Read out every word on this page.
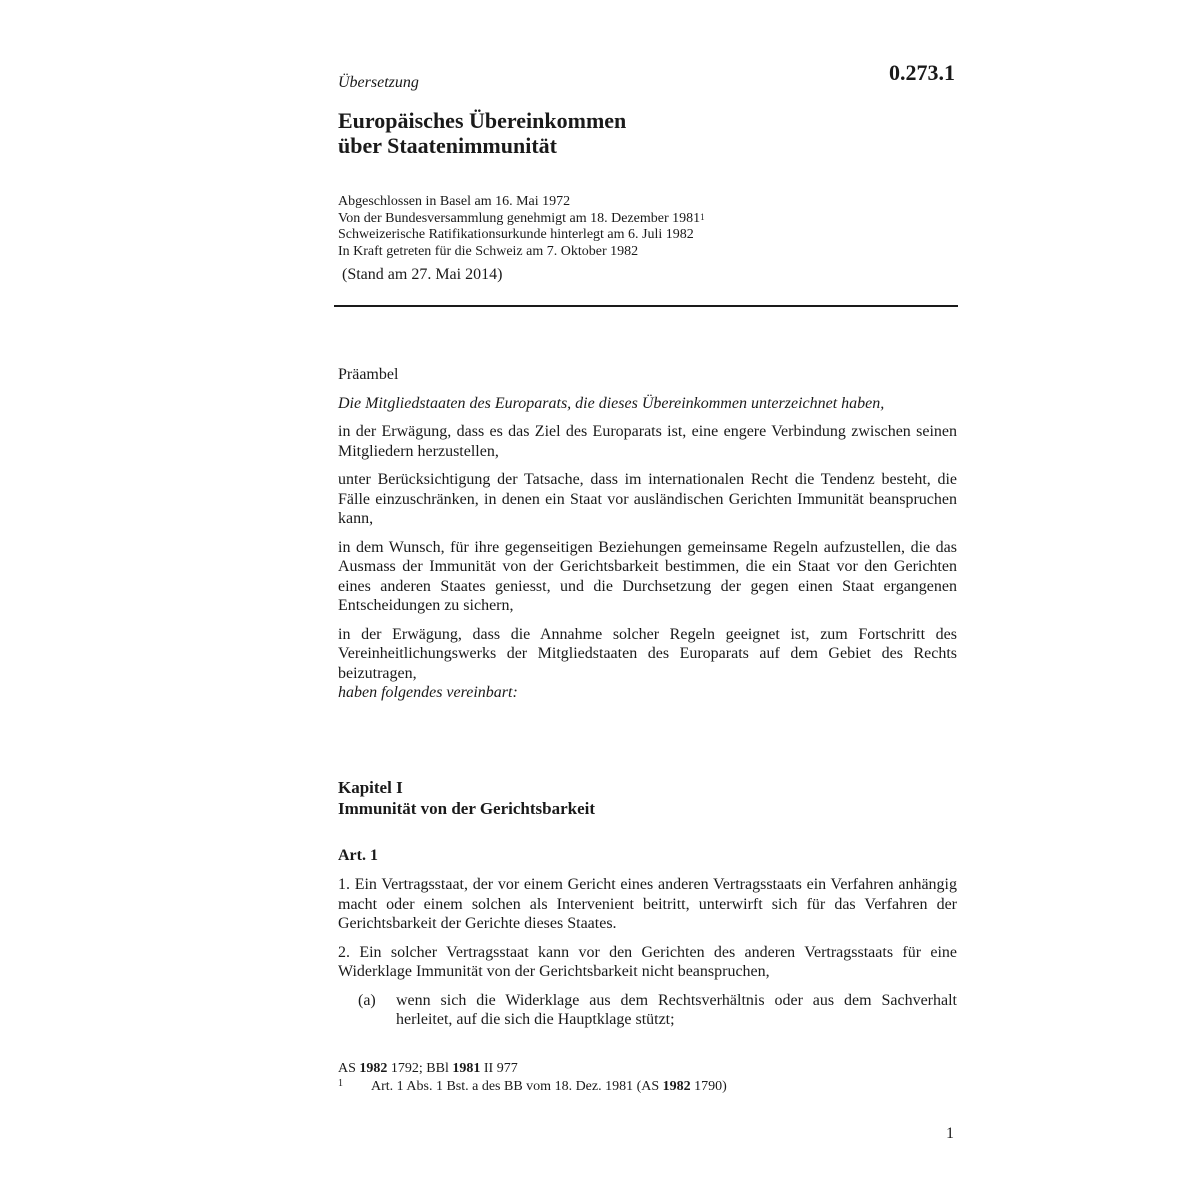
0.273.1
Übersetzung
Europäisches Übereinkommen
über Staatenimmunität
Abgeschlossen in Basel am 16. Mai 1972
Von der Bundesversammlung genehmigt am 18. Dezember 1981$^1$
Schweizerische Ratifikationsurkunde hinterlegt am 6. Juli 1982
In Kraft getreten für die Schweiz am 7. Oktober 1982
(Stand am 27. Mai 2014)
Präambel
Die Mitgliedstaaten des Europarats, die dieses Übereinkommen unterzeichnet haben,
in der Erwägung, dass es das Ziel des Europarats ist, eine engere Verbindung zwischen seinen Mitgliedern herzustellen,
unter Berücksichtigung der Tatsache, dass im internationalen Recht die Tendenz besteht, die Fälle einzuschränken, in denen ein Staat vor ausländischen Gerichten Immunität beanspruchen kann,
in dem Wunsch, für ihre gegenseitigen Beziehungen gemeinsame Regeln aufzustellen, die das Ausmass der Immunität von der Gerichtsbarkeit bestimmen, die ein Staat vor den Gerichten eines anderen Staates geniesst, und die Durchsetzung der gegen einen Staat ergangenen Entscheidungen zu sichern,
in der Erwägung, dass die Annahme solcher Regeln geeignet ist, zum Fortschritt des Vereinheitlichungswerks der Mitgliedstaaten des Europarats auf dem Gebiet des Rechts beizutragen,
haben folgendes vereinbart:
Kapitel I
Immunität von der Gerichtsbarkeit
Art. 1
1. Ein Vertragsstaat, der vor einem Gericht eines anderen Vertragsstaats ein Verfahren anhängig macht oder einem solchen als Intervenient beitritt, unterwirft sich für das Verfahren der Gerichtsbarkeit der Gerichte dieses Staates.
2. Ein solcher Vertragsstaat kann vor den Gerichten des anderen Vertragsstaats für eine Widerklage Immunität von der Gerichtsbarkeit nicht beanspruchen,
(a) wenn sich die Widerklage aus dem Rechtsverhältnis oder aus dem Sachverhalt herleitet, auf die sich die Hauptklage stützt;
AS 1982 1792; BBl 1981 II 977
1 Art. 1 Abs. 1 Bst. a des BB vom 18. Dez. 1981 (AS 1982 1790)
1
